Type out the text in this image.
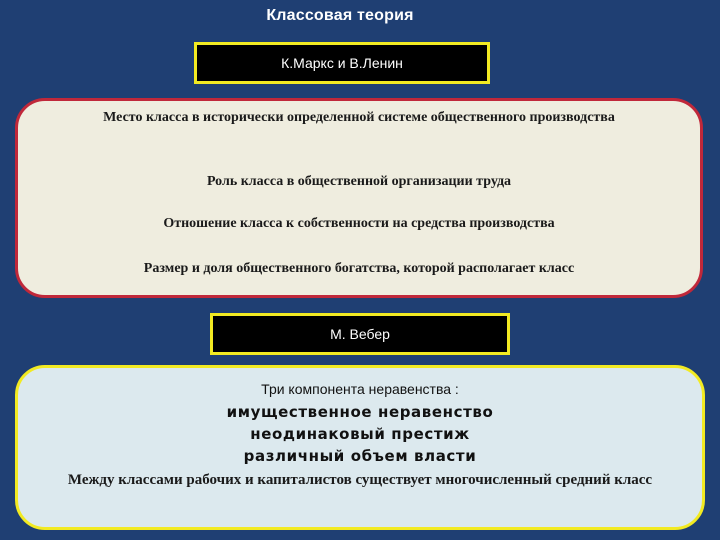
Классовая теория
К.Маркс и В.Ленин
Место класса в исторически определенной системе общественного производства
Роль класса в общественной организации труда
Отношение класса к собственности на средства производства
Размер и доля общественного богатства, которой располагает класс
М. Вебер
Три компонента неравенства :
имущественное неравенство
неодинаковый престиж
различный объем власти
Между классами рабочих и капиталистов существует многочисленный средний класс
